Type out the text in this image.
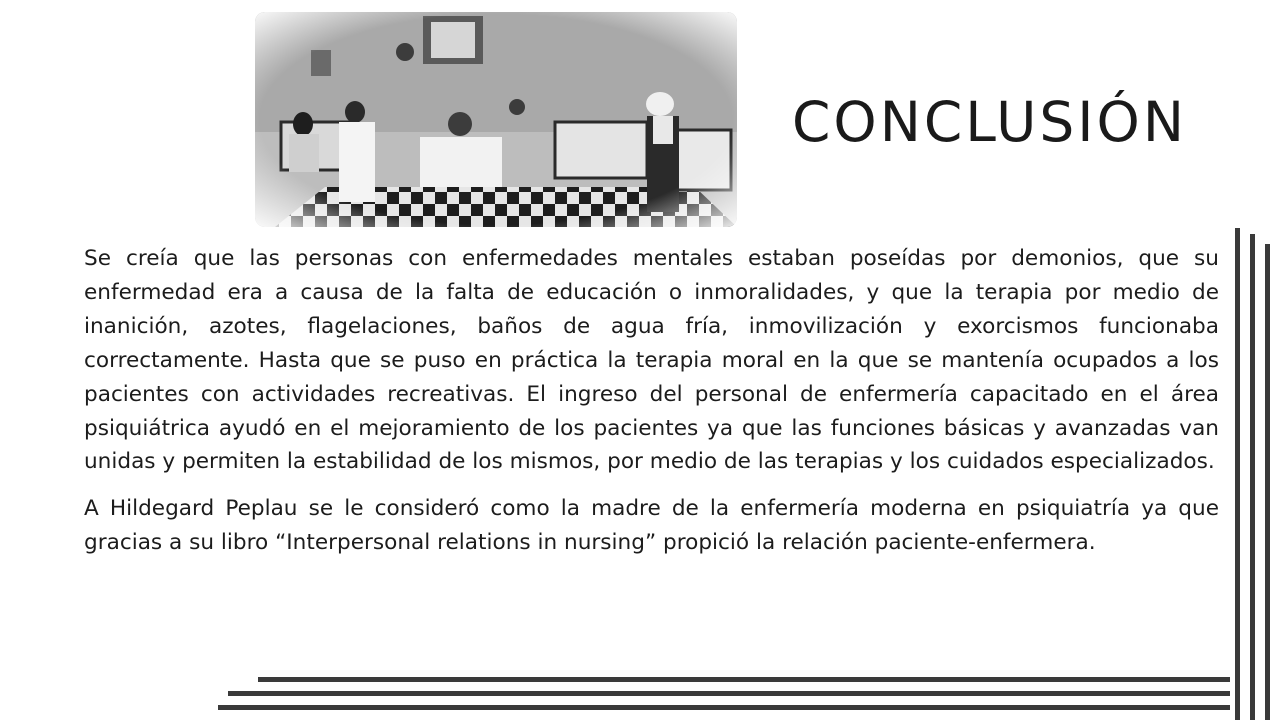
CONCLUSIÓN

Se creía que las personas con enfermedades mentales estaban poseídas por demonios, que su enfermedad era a causa de la falta de educación o inmoralidades, y que la terapia por medio de inanición, azotes, flagelaciones, baños de agua fría, inmovilización y exorcismos funcionaba correctamente. Hasta que se puso en práctica la terapia moral en la que se mantenía ocupados a los pacientes con actividades recreativas. El ingreso del personal de enfermería capacitado en el área psiquiátrica ayudó en el mejoramiento de los pacientes ya que las funciones básicas y avanzadas van unidas y permiten la estabilidad de los mismos, por medio de las terapias y los cuidados especializados.

A Hildegard Peplau se le consideró como la madre de la enfermería moderna en psiquiatría ya que gracias a su libro “Interpersonal relations in nursing” propició la relación paciente-enfermera.
